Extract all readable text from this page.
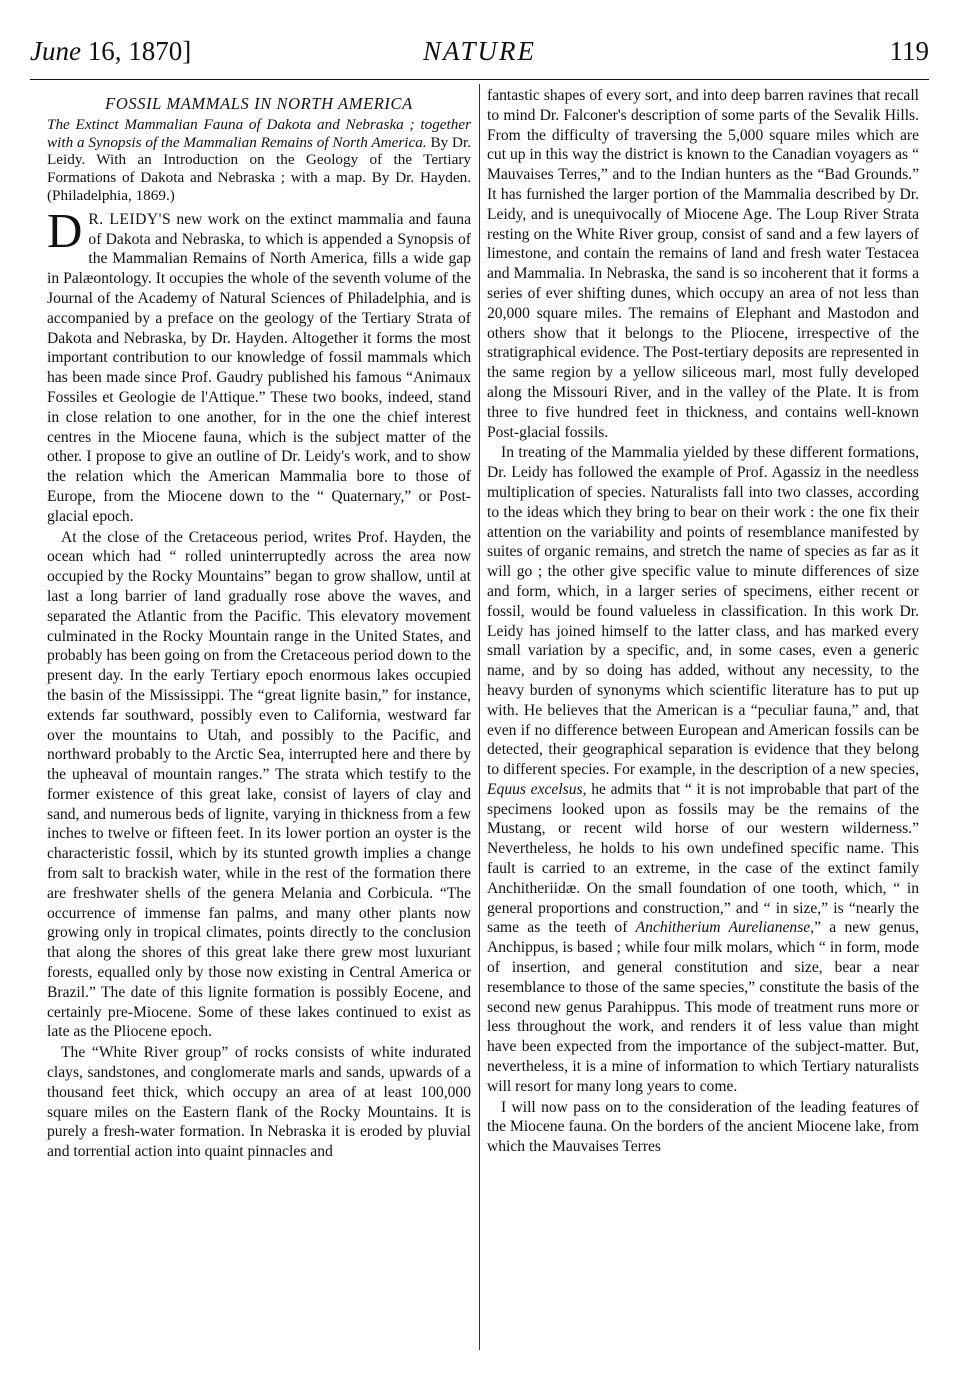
June 16, 1870]	NATURE	119
FOSSIL MAMMALS IN NORTH AMERICA

The Extinct Mammalian Fauna of Dakota and Nebraska ; together with a Synopsis of the Mammalian Remains of North America. By Dr. Leidy. With an Introduction on the Geology of the Tertiary Formations of Dakota and Nebraska ; with a map. By Dr. Hayden. (Philadelphia, 1869.)

D R. LEIDY'S new work on the extinct mammalia and fauna of Dakota and Nebraska, to which is appended a Synopsis of the Mammalian Remains of North America, fills a wide gap in Palæontology. It occupies the whole of the seventh volume of the Journal of the Academy of Natural Sciences of Philadelphia, and is accompanied by a preface on the geology of the Tertiary Strata of Dakota and Nebraska, by Dr. Hayden. Altogether it forms the most important contribution to our knowledge of fossil mammals which has been made since Prof. Gaudry published his famous “Animaux Fossiles et Geologie de l'Attique.” These two books, indeed, stand in close relation to one another, for in the one the chief interest centres in the Miocene fauna, which is the subject matter of the other. I propose to give an outline of Dr. Leidy's work, and to show the relation which the American Mammalia bore to those of Europe, from the Miocene down to the “ Quaternary,” or Post-glacial epoch.

At the close of the Cretaceous period, writes Prof. Hayden, the ocean which had “ rolled uninterruptedly across the area now occupied by the Rocky Mountains” began to grow shallow, until at last a long barrier of land gradually rose above the waves, and separated the Atlantic from the Pacific. This elevatory movement culminated in the Rocky Mountain range in the United States, and probably has been going on from the Cretaceous period down to the present day. In the early Tertiary epoch enormous lakes occupied the basin of the Mississippi. The “great lignite basin,” for instance, extends far southward, possibly even to California, westward far over the mountains to Utah, and possibly to the Pacific, and northward probably to the Arctic Sea, interrupted here and there by the upheaval of mountain ranges.” The strata which testify to the former existence of this great lake, consist of layers of clay and sand, and numerous beds of lignite, varying in thickness from a few inches to twelve or fifteen feet. In its lower portion an oyster is the characteristic fossil, which by its stunted growth implies a change from salt to brackish water, while in the rest of the formation there are freshwater shells of the genera Melania and Corbicula. “The occurrence of immense fan palms, and many other plants now growing only in tropical climates, points directly to the conclusion that along the shores of this great lake there grew most luxuriant forests, equalled only by those now existing in Central America or Brazil.” The date of this lignite formation is possibly Eocene, and certainly pre-Miocene. Some of these lakes continued to exist as late as the Pliocene epoch.

The “White River group” of rocks consists of white indurated clays, sandstones, and conglomerate marls and sands, upwards of a thousand feet thick, which occupy an area of at least 100,000 square miles on the Eastern flank of the Rocky Mountains. It is purely a fresh-water formation. In Nebraska it is eroded by pluvial and torrential action into quaint pinnacles and

fantastic shapes of every sort, and into deep barren ravines that recall to mind Dr. Falconer's description of some parts of the Sevalik Hills. From the difficulty of traversing the 5,000 square miles which are cut up in this way the district is known to the Canadian voyagers as “ Mauvaises Terres,” and to the Indian hunters as the “Bad Grounds.” It has furnished the larger portion of the Mammalia described by Dr. Leidy, and is unequivocally of Miocene Age. The Loup River Strata resting on the White River group, consist of sand and a few layers of limestone, and contain the remains of land and fresh water Testacea and Mammalia. In Nebraska, the sand is so incoherent that it forms a series of ever shifting dunes, which occupy an area of not less than 20,000 square miles. The remains of Elephant and Mastodon and others show that it belongs to the Pliocene, irrespective of the stratigraphical evidence. The Post-tertiary deposits are represented in the same region by a yellow siliceous marl, most fully developed along the Missouri River, and in the valley of the Plate. It is from three to five hundred feet in thickness, and contains well-known Post-glacial fossils.

In treating of the Mammalia yielded by these different formations, Dr. Leidy has followed the example of Prof. Agassiz in the needless multiplication of species. Naturalists fall into two classes, according to the ideas which they bring to bear on their work : the one fix their attention on the variability and points of resemblance manifested by suites of organic remains, and stretch the name of species as far as it will go ; the other give specific value to minute differences of size and form, which, in a larger series of specimens, either recent or fossil, would be found valueless in classification. In this work Dr. Leidy has joined himself to the latter class, and has marked every small variation by a specific, and, in some cases, even a generic name, and by so doing has added, without any necessity, to the heavy burden of synonyms which scientific literature has to put up with. He believes that the American is a “peculiar fauna,” and, that even if no difference between European and American fossils can be detected, their geographical separation is evidence that they belong to different species. For example, in the description of a new species, Equus excelsus, he admits that “ it is not improbable that part of the specimens looked upon as fossils may be the remains of the Mustang, or recent wild horse of our western wilderness.” Nevertheless, he holds to his own undefined specific name. This fault is carried to an extreme, in the case of the extinct family Anchitheriidæ. On the small foundation of one tooth, which, “ in general proportions and construction,” and “ in size,” is “nearly the same as the teeth of Anchitherium Aurelianense,” a new genus, Anchippus, is based ; while four milk molars, which “ in form, mode of insertion, and general constitution and size, bear a near resemblance to those of the same species,” constitute the basis of the second new genus Parahippus. This mode of treatment runs more or less throughout the work, and renders it of less value than might have been expected from the importance of the subject-matter. But, nevertheless, it is a mine of information to which Tertiary naturalists will resort for many long years to come.

I will now pass on to the consideration of the leading features of the Miocene fauna. On the borders of the ancient Miocene lake, from which the Mauvaises Terres
